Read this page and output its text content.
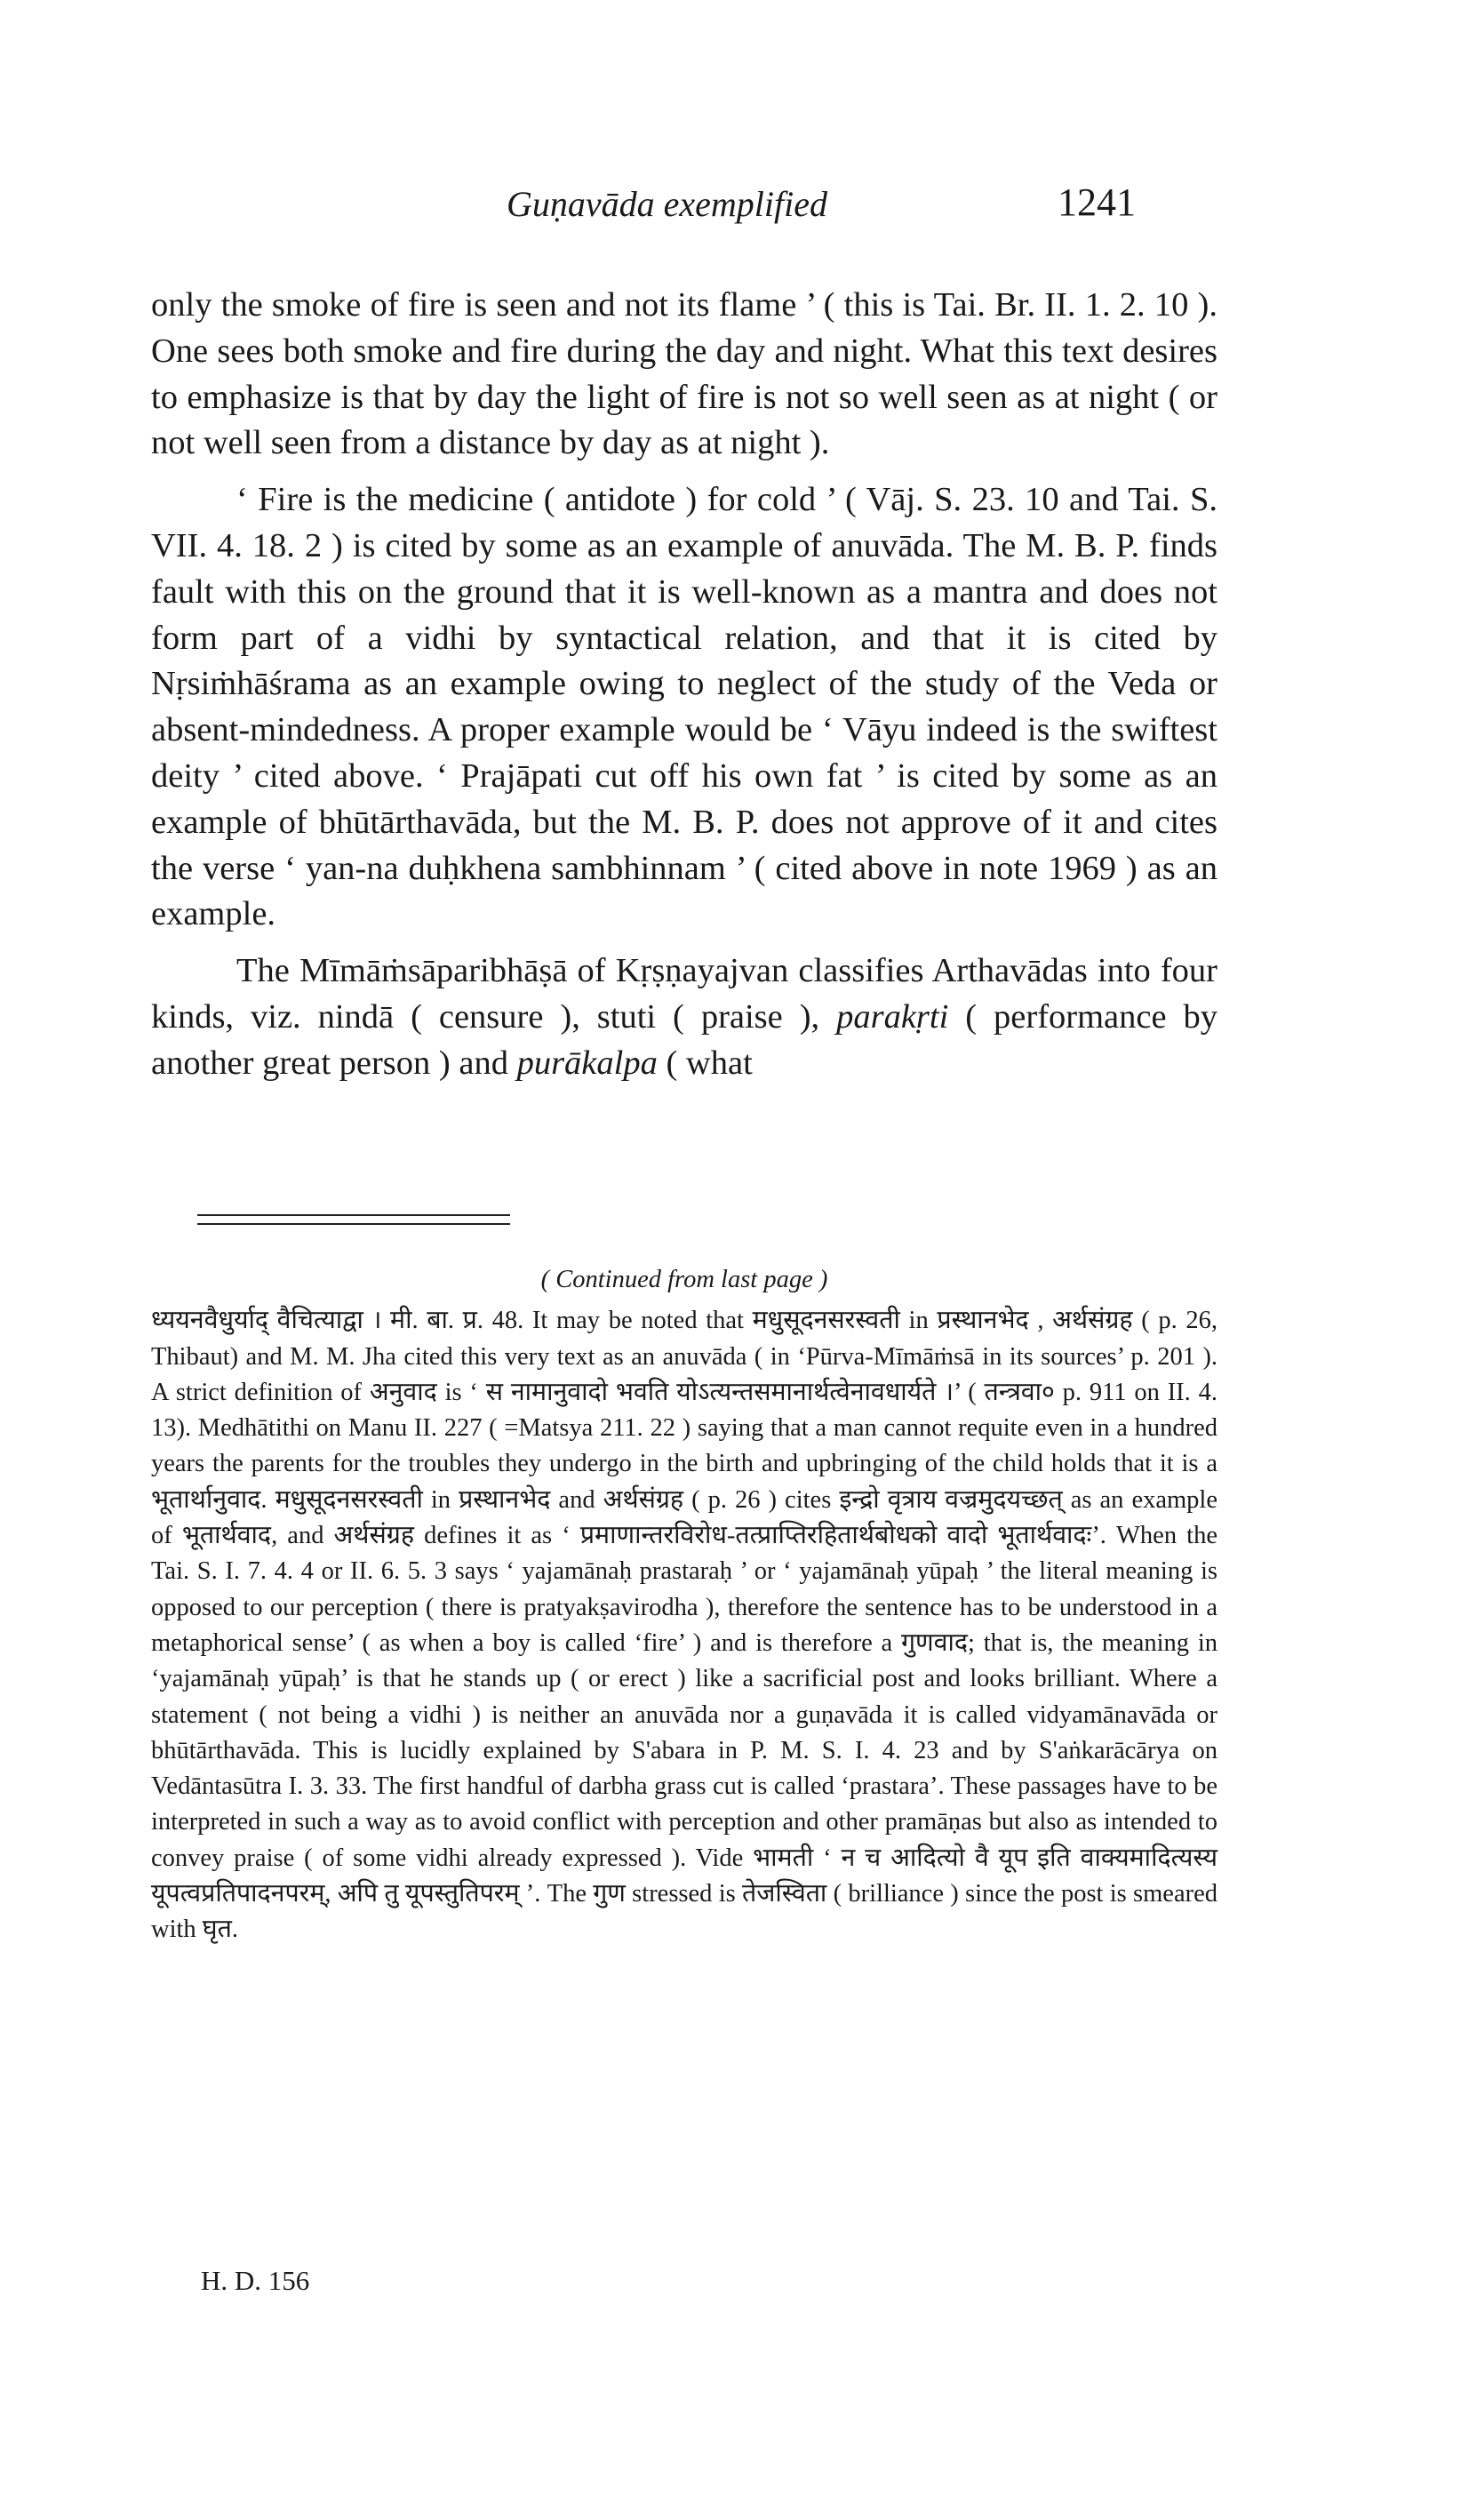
Guṇavāda exemplified	1241

only the smoke of fire is seen and not its flame ’ ( this is Tai. Br. II. 1. 2. 10 ). One sees both smoke and fire during the day and night. What this text desires to emphasize is that by day the light of fire is not so well seen as at night ( or not well seen from a distance by day as at night ).

‘ Fire is the medicine ( antidote ) for cold ’ ( Vāj. S. 23. 10 and Tai. S. VII. 4. 18. 2 ) is cited by some as an example of anuvāda. The M. B. P. finds fault with this on the ground that it is well-known as a mantra and does not form part of a vidhi by syntactical relation, and that it is cited by Nṛsiṁhāśrama as an example owing to neglect of the study of the Veda or absent-mindedness. A proper example would be ‘ Vāyu indeed is the swiftest deity ’ cited above. ‘ Prajāpati cut off his own fat ’ is cited by some as an example of bhūtārthavāda, but the M. B. P. does not approve of it and cites the verse ‘ yan-na duḥkhena sambhinnam ’ ( cited above in note 1969 ) as an example.

The Mīmāṁsāparibhāṣā of Kṛṣṇayajvan classifies Arthavādas into four kinds, viz. nindā ( censure ), stuti ( praise ), parakṛti ( performance by another great person ) and purākalpa ( what

( Continued from last page )

ध्ययनवैधुर्याद् वैचित्याद्वा । मी. बा. प्र. 48. It may be noted that मधुसूदनसरस्वती in प्रस्थानभेद , अर्थसंग्रह ( p. 26, Thibaut) and M. M. Jha cited this very text as an anuvāda ( in ‘Pūrva-Mīmāṁsā in its sources’ p. 201 ). A strict definition of अनुवाद is ‘ स नामानुवादो भवति योऽत्यन्तसमानार्थत्वेनावधार्यते ।’ ( तन्त्रवा० p. 911 on II. 4. 13). Medhātithi on Manu II. 227 ( =Matsya 211. 22 ) saying that a man cannot requite even in a hundred years the parents for the troubles they undergo in the birth and upbringing of the child holds that it is a भूतार्थानुवाद. मधुसूदनसरस्वती in प्रस्थानभेद and अर्थसंग्रह ( p. 26 ) cites इन्द्रो वृत्राय वज्रमुदयच्छत् as an example of भूतार्थवाद, and अर्थसंग्रह defines it as ‘ प्रमाणान्तरविरोध-तत्प्राप्तिरहितार्थबोधको वादो भूतार्थवादः’. When the Tai. S. I. 7. 4. 4 or II. 6. 5. 3 says ‘ yajamānaḥ prastaraḥ ’ or ‘ yajamānaḥ yūpaḥ ’ the literal meaning is opposed to our perception ( there is pratyakṣavirodha ), therefore the sentence has to be understood in a metaphorical sense’ ( as when a boy is called ‘fire’ ) and is therefore a गुणवाद; that is, the meaning in ‘yajamānaḥ yūpaḥ’ is that he stands up ( or erect ) like a sacrificial post and looks brilliant. Where a statement ( not being a vidhi ) is neither an anuvāda nor a guṇavāda it is called vidyamānavāda or bhūtārthavāda. This is lucidly explained by S'abara in P. M. S. I. 4. 23 and by S'aṅkarācārya on Vedāntasūtra I. 3. 33. The first handful of darbha grass cut is called ‘prastara’. These passages have to be interpreted in such a way as to avoid conflict with perception and other pramāṇas but also as intended to convey praise ( of some vidhi already expressed ). Vide भामती ‘ न च आदित्यो वै यूप इति वाक्यमादित्यस्य यूपत्वप्रतिपादनपरम्, अपि तु यूपस्तुतिपरम् ’. The गुण stressed is तेजस्विता ( brilliance ) since the post is smeared with घृत.

H. D. 156
